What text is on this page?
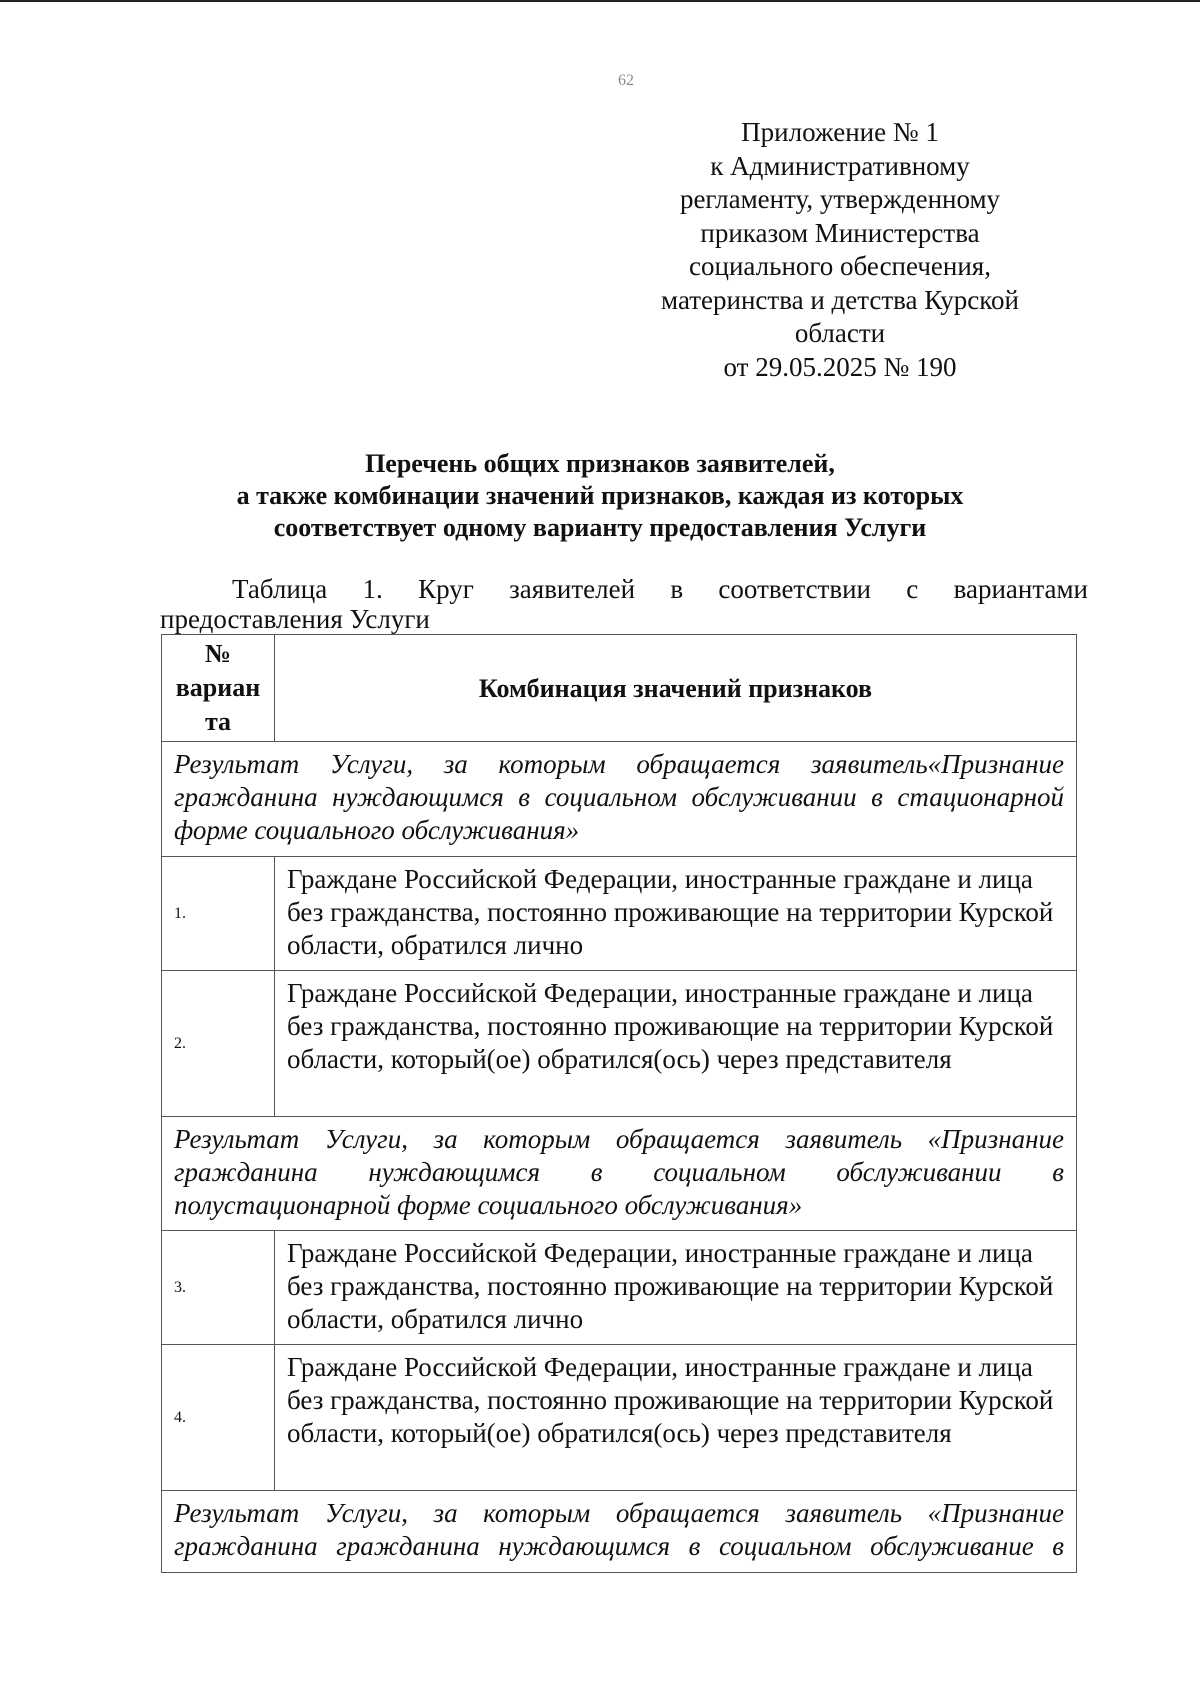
62
Приложение № 1
к Административному
регламенту, утвержденному
приказом Министерства
социального обеспечения,
материнства и детства Курской
области
от 29.05.2025 № 190
Перечень общих признаков заявителей,
а также комбинации значений признаков, каждая из которых
соответствует одному варианту предоставления Услуги
Таблица 1. Круг заявителей в соответствии с вариантами
предоставления Услуги
№ вариан та
Комбинация значений признаков
Результат Услуги, за которым обращается заявитель«Признание гражданина нуждающимся в социальном обслуживании в стационарной форме социального обслуживания»
1.
Граждане Российской Федерации, иностранные граждане и лица без гражданства, постоянно проживающие на территории Курской области, обратился лично
2.
Граждане Российской Федерации, иностранные граждане и лица без гражданства, постоянно проживающие на территории Курской области, который(ое) обратился(ось) через представителя
Результат Услуги, за которым обращается заявитель «Признание гражданина нуждающимся в социальном обслуживании в полустационарной форме социального обслуживания»
3.
Граждане Российской Федерации, иностранные граждане и лица без гражданства, постоянно проживающие на территории Курской области, обратился лично
4.
Граждане Российской Федерации, иностранные граждане и лица без гражданства, постоянно проживающие на территории Курской области, который(ое) обратился(ось) через представителя
Результат Услуги, за которым обращается заявитель «Признание гражданина гражданина нуждающимся в социальном обслуживание в
